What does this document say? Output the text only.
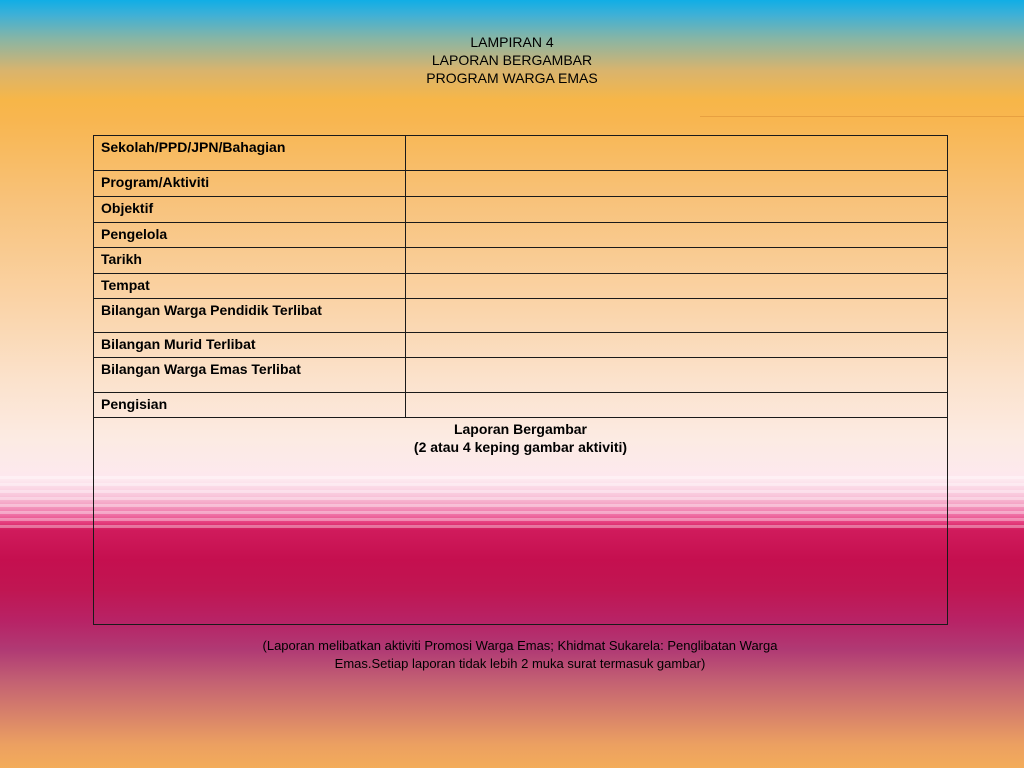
LAMPIRAN 4
LAPORAN BERGAMBAR
PROGRAM WARGA EMAS
Sekolah/PPD/JPN/Bahagian	
Program/Aktiviti	
Objektif	
Pengelola	
Tarikh	
Tempat	
Bilangan Warga Pendidik Terlibat	
Bilangan Murid Terlibat	
Bilangan Warga Emas Terlibat	
Pengisian	

Laporan Bergambar
(2 atau 4 keping gambar aktiviti)	
(Laporan melibatkan aktiviti Promosi Warga Emas; Khidmat Sukarela: Penglibatan Warga
Emas.Setiap laporan tidak lebih 2 muka surat termasuk gambar)
